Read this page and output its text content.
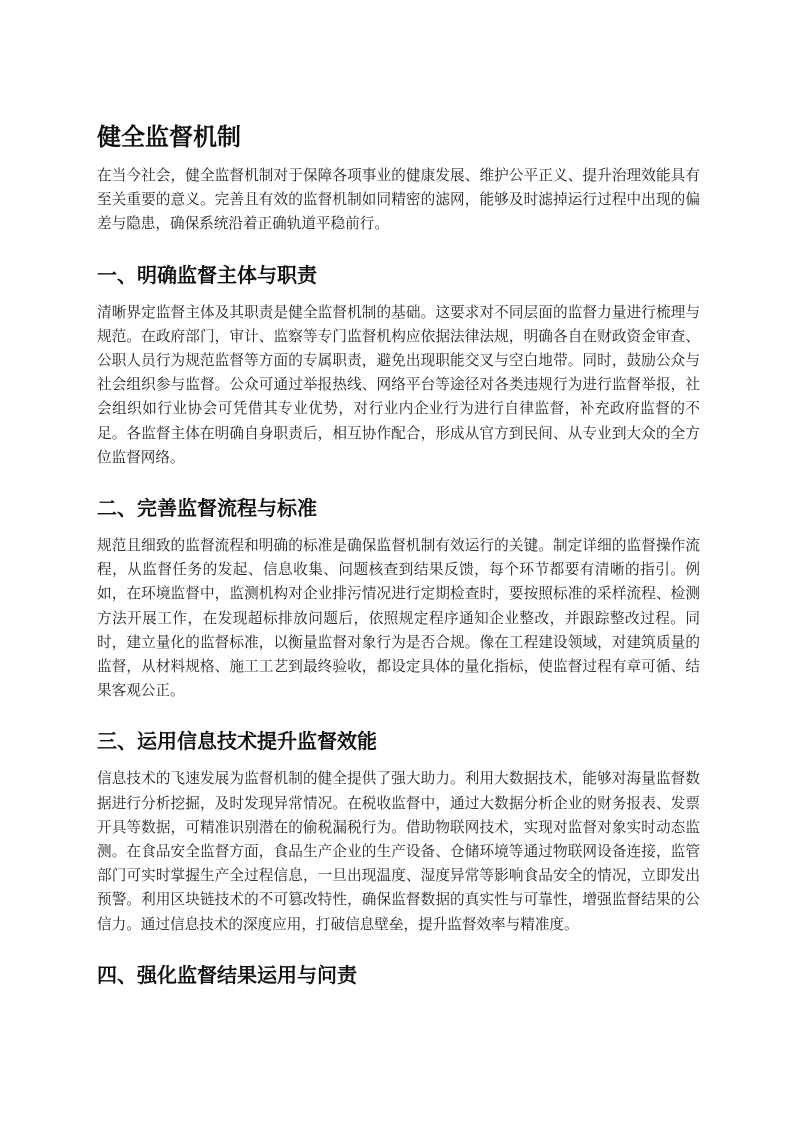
健全监督机制

在当今社会，健全监督机制对于保障各项事业的健康发展、维护公平正义、提升治理效能具有至关重要的意义。完善且有效的监督机制如同精密的滤网，能够及时滤掉运行过程中出现的偏差与隐患，确保系统沿着正确轨道平稳前行。

一、明确监督主体与职责

清晰界定监督主体及其职责是健全监督机制的基础。这要求对不同层面的监督力量进行梳理与规范。在政府部门，审计、监察等专门监督机构应依据法律法规，明确各自在财政资金审查、公职人员行为规范监督等方面的专属职责，避免出现职能交叉与空白地带。同时，鼓励公众与社会组织参与监督。公众可通过举报热线、网络平台等途径对各类违规行为进行监督举报，社会组织如行业协会可凭借其专业优势，对行业内企业行为进行自律监督，补充政府监督的不足。各监督主体在明确自身职责后，相互协作配合，形成从官方到民间、从专业到大众的全方位监督网络。

二、完善监督流程与标准

规范且细致的监督流程和明确的标准是确保监督机制有效运行的关键。制定详细的监督操作流程，从监督任务的发起、信息收集、问题核查到结果反馈，每个环节都要有清晰的指引。例如，在环境监督中，监测机构对企业排污情况进行定期检查时，要按照标准的采样流程、检测方法开展工作，在发现超标排放问题后，依照规定程序通知企业整改，并跟踪整改过程。同时，建立量化的监督标准，以衡量监督对象行为是否合规。像在工程建设领域，对建筑质量的监督，从材料规格、施工工艺到最终验收，都设定具体的量化指标，使监督过程有章可循、结果客观公正。

三、运用信息技术提升监督效能

信息技术的飞速发展为监督机制的健全提供了强大助力。利用大数据技术，能够对海量监督数据进行分析挖掘，及时发现异常情况。在税收监督中，通过大数据分析企业的财务报表、发票开具等数据，可精准识别潜在的偷税漏税行为。借助物联网技术，实现对监督对象实时动态监测。在食品安全监督方面，食品生产企业的生产设备、仓储环境等通过物联网设备连接，监管部门可实时掌握生产全过程信息，一旦出现温度、湿度异常等影响食品安全的情况，立即发出预警。利用区块链技术的不可篡改特性，确保监督数据的真实性与可靠性，增强监督结果的公信力。通过信息技术的深度应用，打破信息壁垒，提升监督效率与精准度。

四、强化监督结果运用与问责
